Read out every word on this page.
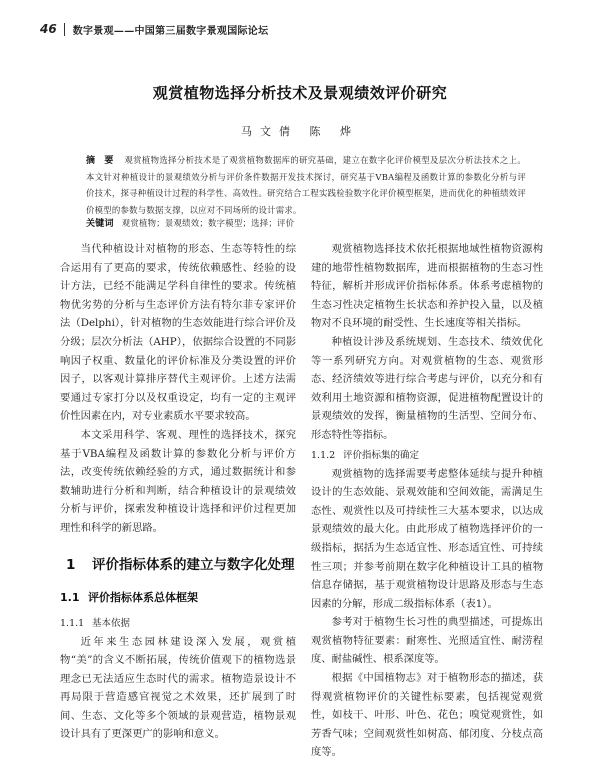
46 数字景观——中国第三届数字景观国际论坛
观赏植物选择分析技术及景观绩效评价研究
马文倩 陈 烨
摘 要 观赏植物选择分析技术是了观赏植物数据库的研究基础，建立在数字化评价模型及层次分析法技术之上。本文针对种植设计的景观绩效分析与评价条件数据开发技术探讨，研究基于VBA编程及函数计算的参数化分析与评价技术，探寻种植设计过程的科学性、高效性。研究结合工程实践检验数字化评价模型框架，进而优化的种植绩效评价模型的参数与数据支撑，以应对不同场所的设计需求。
关键词 观赏植物；景观绩效；数字模型；选择；评价

当代种植设计对植物的形态、生态等特性的综合运用有了更高的要求，传统依赖感性、经验的设计方法，已经不能满足学科自律性的要求。传统植物优劣势的分析与生态评价方法有特尔菲专家评价法（Delphi），针对植物的生态效能进行综合评价及分级；层次分析法（AHP），依据综合设置的不同影响因子权重、数量化的评价标准及分类设置的评价因子，以客观计算排序替代主观评价。上述方法需要通过专家打分以及权重设定，均有一定的主观评价性因素在内，对专业素质水平要求较高。

本文采用科学、客观、理性的选择技术，探究基于VBA编程及函数计算的参数化分析与评价方法，改变传统依赖经验的方式，通过数据统计和参数辅助进行分析和判断，结合种植设计的景观绩效分析与评价，探索发种植设计选择和评价过程更加理性和科学的新思路。

1	评价指标体系的建立与数字化处理
1.1 评价指标体系总体框架
1.1.1 基本依据

近年来生态园林建设深入发展，观赏植物“美”的含义不断拓展，传统价值观下的植物选景理念已无法适应生态时代的需求。植物造景设计不再局限于营造感官视觉之术效果，还扩展到了时间、生态、文化等多个领域的景观营造，植物景观设计具有了更深更广的影响和意义。

观赏植物选择技术依托根据地域性植物资源构建的地带性植物数据库，进而根据植物的生态习性特征，解析并形成评价指标体系。体系考虑植物的生态习性决定植物生长状态和养护投入量，以及植物对不良环境的耐受性、生长速度等相关指标。

种植设计涉及系统规划、生态技术、绩效优化等一系列研究方向。对观赏植物的生态、观赏形态、经济绩效等进行综合考虑与评价，以充分和有效利用土地资源和植物资源，促进植物配置设计的景观绩效的发挥，衡量植物的生活型、空间分布、形态特性等指标。

1.1.2 评价指标集的确定

观赏植物的选择需要考虑整体延续与提升种植设计的生态效能、景观效能和空间效能，需满足生态性、观赏性以及可持续性三大基本要求，以达成景观绩效的最大化。由此形成了植物选择评价的一级指标，据括为生态适宜性、形态适宜性、可持续性三项；并参考前期在数字化种植设计工具的植物信息存储据，基于观赏植物设计思路及形态与生态因素的分解，形成二级指标体系（表1）。

参考对于植物生长习性的典型描述，可提炼出观赏植物特征要素：耐寒性、光照适宜性、耐涝程度、耐盐碱性、根系深度等。

根据《中国植物志》对于植物形态的描述，获得观赏植物评价的关键性标要素，包括视觉观赏性，如枝干、叶形、叶色、花色；嗅觉观赏性，如芳香气味；空间观赏性如树高、郁闭度、分枝点高度等。
